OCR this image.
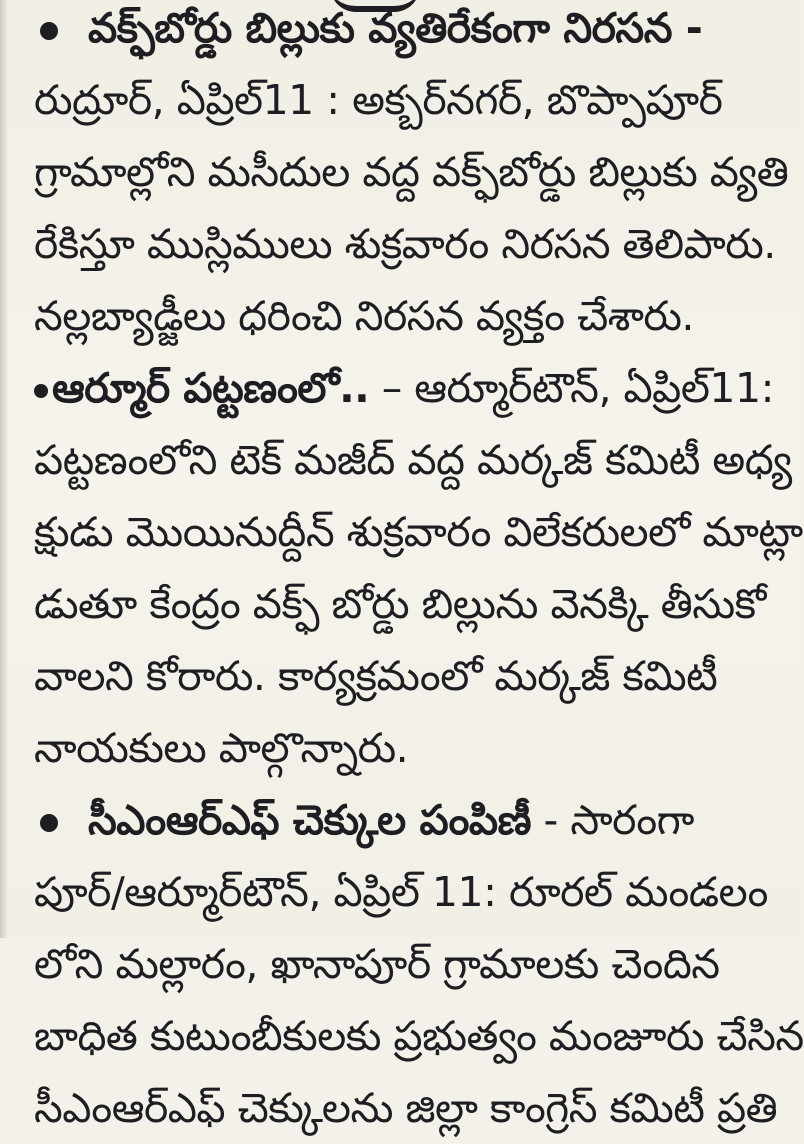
వక్ఫ్‌బోర్డు బిల్లుకు వ్యతిరేకంగా నిరసన -
రుద్రూర్, ఏప్రిల్11 : అక్బర్‌నగర్, బొప్పాపూర్
గ్రామాల్లోని మసీదుల వద్ద వక్ఫ్‌బోర్డు బిల్లుకు వ్యతి
రేకిస్తూ ముస్లిములు శుక్రవారం నిరసన తెలిపారు.
నల్లబ్యాడ్జీలు ధరించి నిరసన వ్యక్తం చేశారు.
ఆర్మూర్ పట్టణంలో.. – ఆర్మూర్‌టౌన్, ఏప్రిల్11:
పట్టణంలోని టెక్ మజీద్ వద్ద మర్కజ్ కమిటీ అధ్య
క్షుడు మొయినుద్దీన్ శుక్రవారం విలేకరులలో మాట్లా
డుతూ కేంద్రం వక్ఫ్ బోర్డు బిల్లును వెనక్కి తీసుకో
వాలని కోరారు. కార్యక్రమంలో మర్కజ్ కమిటీ
నాయకులు పాల్గొన్నారు.
సీఎంఆర్ఎఫ్ చెక్కుల పంపిణీ - సారంగా
పూర్/ఆర్మూర్‌టౌన్, ఏప్రిల్ 11: రూరల్ మండలం
లోని మల్లారం, ఖానాపూర్ గ్రామాలకు చెందిన
బాధిత కుటుంబీకులకు ప్రభుత్వం మంజూరు చేసిన
సీఎంఆర్ఎఫ్ చెక్కులను జిల్లా కాంగ్రెస్ కమిటీ ప్రతి
